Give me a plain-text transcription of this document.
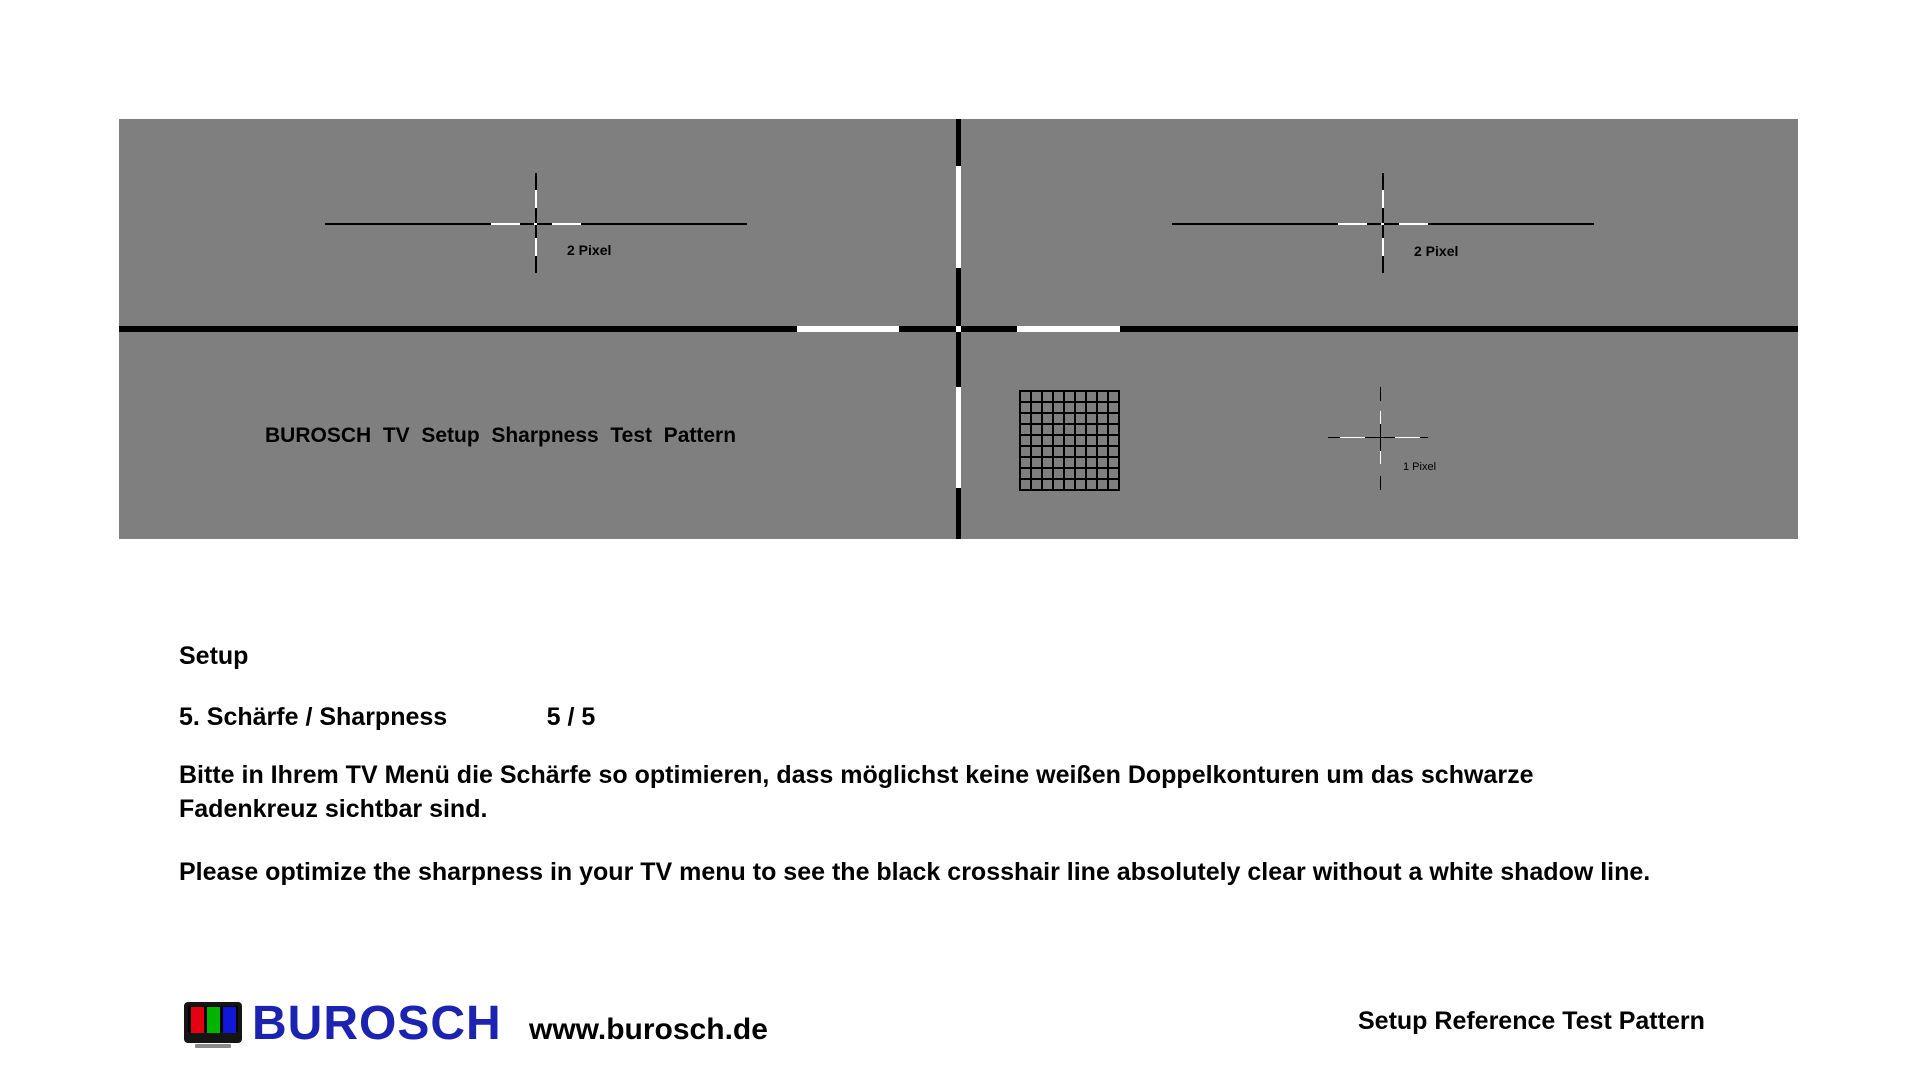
2 Pixel	2 Pixel
1 Pixel
BUROSCH  TV  Setup  Sharpness  Test  Pattern
Setup
5. Schärfe / Sharpness	5 / 5
Bitte in Ihrem TV Menü die Schärfe so optimieren, dass möglichst keine weißen Doppelkonturen um das schwarze
Fadenkreuz sichtbar sind.
Please optimize the sharpness in your TV menu to see the black crosshair line absolutely clear without a white shadow line.
BUROSCH www.burosch.de	Setup Reference Test Pattern
